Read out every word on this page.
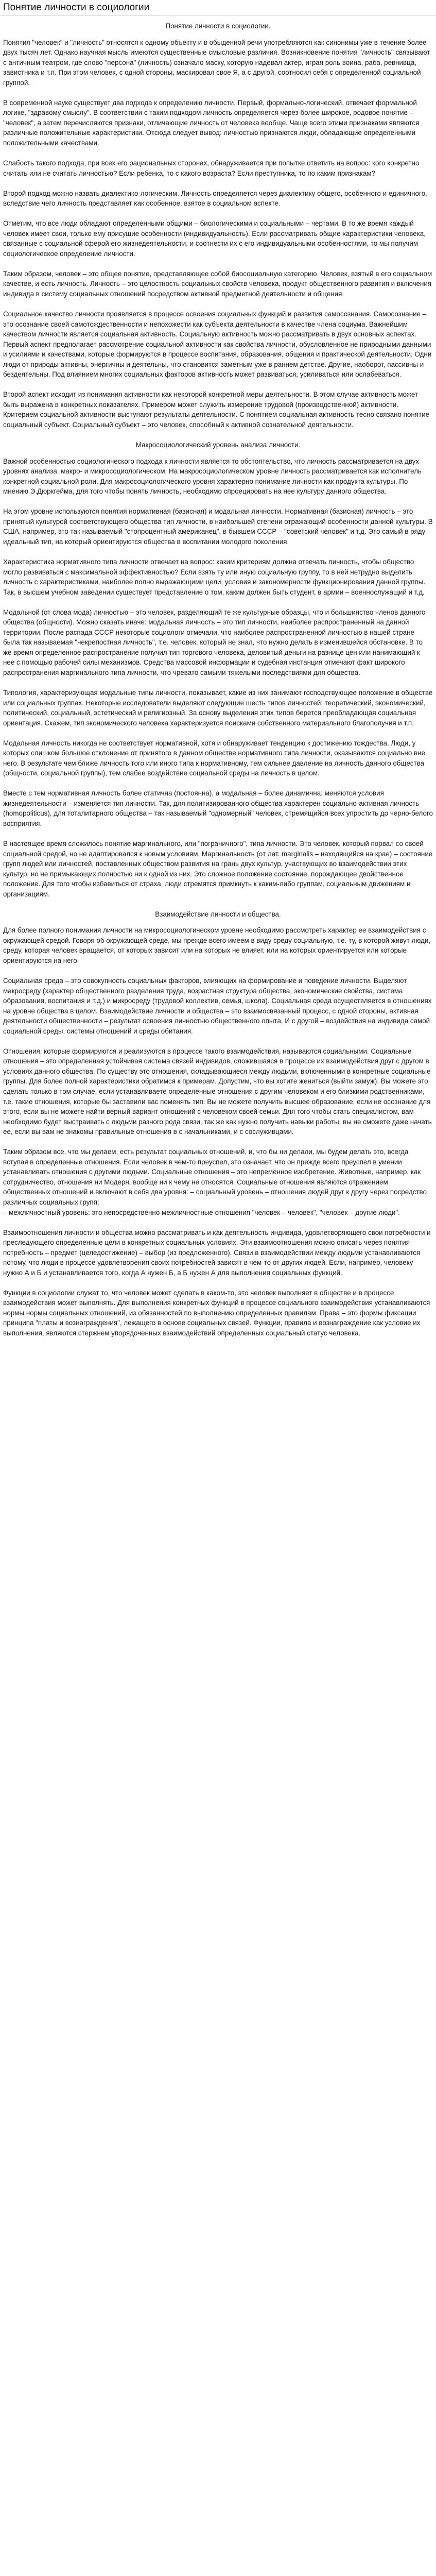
Понятие личности в социологии

Понятие личности в социологии.

Понятия "человек" и "личность" относятся к одному объекту и в обыденной речи употребляются как синонимы уже в течение более двух тысяч лет. Однако научная мысль имеются существенные смысловые различия. Возникновение понятия "личность" связывают с античным театром, где слово "персона" (личность) означало маску, которую надевал актер, играя роль воина, раба, ревнивца, завистника и т.п. При этом человек, с одной стороны, маскировал свое Я, а с другой, соотносил себя с определенной социальной группой.

В современной науке существует два подхода к определению личности. Первый, формально-логический, отвечает формальной логике, "здравому смыслу". В соответствии с таким подходом личность определяется через более широкое, родовое понятие – "человек", а затем перечисляются признаки, отличающие личность от человека вообще. Чаще всего этими признаками являются различные положительные характеристики. Отсюда следует вывод: личностью признаются люди, обладающие определенными положительными качествами.

Слабость такого подхода, при всех его рациональных сторонах, обнаруживается при попытке ответить на вопрос: кого конкретно считать или не считать личностью? Если ребенка, то с какого возраста? Если преступника, то по каким признакам?

Второй подход можно назвать диалектико-логическим. Личность определяется через диалектику общего, особенного и единичного, вследствие чего личность представляет как особенное, взятое в социальном аспекте.

Отметим, что все люди обладают определенными общими – биологическими и социальными – чертами. В то же время каждый человек имеет свои, только ему присущие особенности (индивидуальность). Если рассматривать общие характеристики человека, связанные с социальной сферой его жизнедеятельности, и соотнести их с его индивидуальными особенностями, то мы получим социологическое определение личности.

Таким образом, человек – это общее понятие, представляющее собой биосоциальную категорию. Человек, взятый в его социальном качестве, и есть личность. Личность – это целостность социальных свойств человека, продукт общественного развития и включения индивида в систему социальных отношений посредством активной предметной деятельности и общения.

Социальное качество личности проявляется в процессе освоения социальных функций и развития самосознания. Самосознание – это осознание своей самотождественности и непохожести как субъекта деятельности в качестве члена социума. Важнейшим качеством личности является социальная активность. Социальную активность можно рассматривать в двух основных аспектах. Первый аспект предполагает рассмотрение социальной активности как свойства личности, обусловленное не природными данными и усилиями и качествами, которые формируются в процессе воспитания, образования, общения и практической деятельности. Одни люди от природы активны, энергичны и деятельны, что становится заметным уже в раннем детстве. Другие, наоборот, пассивны и бездеятельны. Под влиянием многих социальных факторов активность может развиваться, усиливаться или ослабеваться.

Второй аспект исходит из понимания активности как некоторой конкретной меры деятельности. В этом случае активность может быть выражена в конкретных показателях. Примером может служить измерение трудовой (производственной) активности. Критерием социальной активности выступают результаты деятельности. С понятием социальная активность тесно связано понятие социальный субъект. Социальный субъект – это человек, способный к активной сознательной деятельности.

Макросоциологический уровень анализа личности.

Важной особенностью социологического подхода к личности является то обстоятельство, что личность рассматривается на двух уровнях анализа: макро- и микросоциологическом. На макросоциологическом уровне личность рассматривается как исполнитель конкретной социальной роли. Для макросоциологического уровня характерно понимание личности как продукта культуры. По мнению Э.Дюркгейма, для того чтобы понять личность, необходимо спроецировать на нее культуру данного общества.

На этом уровне используются понятия нормативная (базисная) и модальная личности. Нормативная (базисная) личность – это принятый культурой соответствующего общества тип личности, в наибольшей степени отражающий особенности данной культуры. В США, например, это так называемый "стопроцентный американец", в бывшем СССР – "советский человек" и т.д. Это самый в ряду идеальный тип, на который ориентируются общества в воспитании молодого поколения.

Характеристика нормативного типа личности отвечает на вопрос: каким критериям должна отвечать личность, чтобы общество могло развиваться с максимальной эффективностью? Если взять ту или иную социальную группу, то в ней нетрудно выделить личность с характеристиками, наиболее полно выражающими цели, условия и закономерности функционирования данной группы. Так, в высшем учебном заведении существует представление о том, каким должен быть студент, в армии – военнослужащий и т.д.

Модальной (от слова мода) личностью – это человек, разделяющий те же культурные образцы, что и большинство членов данного общества (общности). Можно сказать иначе: модальная личность – это тип личности, наиболее распространенный на данной территории. После распада СССР некоторые социологи отмечали, что наиболее распространенной личностью в нашей стране была так называемая "некрепостная личность", т.е. человек, который не знал, что нужно делать в изменившейся обстановке. В то же время определенное распространение получил тип торгового человека, деловитый деньги на разнице цен или нанимающий к нее с помощью рабочей силы механизмов. Средства массовой информации и судебная инстанция отмечают факт широкого распространения маргинального типа личности, что чревато самыми тяжелыми последствиями для общества.

Типология, характеризующая модальные типы личности, показывает, какие из них занимают господствующее положение в обществе или социальных группах. Некоторые исследователи выделяют следующие шесть типов личностей: теоретический, экономический, политический, социальный, эстетический и религиозный. За основу выделения этих типов берется преобладающая социальная ориентация. Скажем, тип экономического человека характеризуется поисками собственного материального благополучия и т.п.

Модальная личность никогда не соответствует нормативной, хотя и обнаруживает тенденцию к достижению тождества. Люди, у которых слишком большое отклонение от принятого в данном обществе нормативного типа личности, оказываются социально вне него. В результате чем ближе личность того или иного типа к нормативному, тем сильнее давление на личность данного общества (общности, социальной группы), тем слабее воздействие социальной среды на личность в целом.

Вместе с тем нормативная личность более статична (постоянна), а модальная – более динамична: меняются условия жизнедеятельности – изменяется тип личности. Так, для политизированного общества характерен социально-активная личность (homopoliticus), для тоталитарного общества – так называемый "одномерный" человек, стремящийся всех упростить до черно-белого восприятия.

В настоящее время сложилось понятие маргинального, или "пограничного", типа личности. Это человек, который порвал со своей социальной средой, но не адаптировался к новым условиям. Маргинальность (от лат. marginalis – находящийся на крае) – состояние групп людей или личностей, поставленных обществом развития на грань двух культур, участвующих во взаимодействии этих культур, но не примыкающих полностью ни к одной из них. Это сложное положение состояние, порождающее двойственное положение. Для того чтобы избавиться от страха, люди стремятся примкнуть к каким-либо группам, социальным движениям и организациям.

Взаимодействие личности и общества.

Для более полного понимания личности на микросоциологическом уровне необходимо рассмотреть характер ее взаимодействия с окружающей средой. Говоря об окружающей среде, мы прежде всего имеем в виду среду социальную, т.е. ту, в которой живут люди, среду, которая человек вращается, от которых зависит или на которых не влияет, или на которых ориентируется или которые ориентируются на него.

Социальная среда – это совокупность социальных факторов, влияющих на формирование и поведение личности. Выделяют макросреду (характер общественного разделения труда, возрастная структура общества, экономические свойства, система образования, воспитания и т.д.) и микросреду (трудовой коллектив, семья, школа). Социальная среда осуществляется в отношениях на уровне общества в целом. Взаимодействие личности и общества – это взаимосвязанный процесс, с одной стороны, активная деятельности общественности – результат освоения личностью общественного опыта. И с другой – воздействия на индивида самой социальной среды, системы отношений и среды обитания.

Отношения, которые формируются и реализуются в процессе такого взаимодействия, называются социальными. Социальные отношения – это определенная устойчивая система связей индивидов, сложившаяся в процессе их взаимодействия друг с другом в условиях данного общества. По существу это отношения, складывающиеся между людьми, включенными в конкретные социальные группы. Для более полной характеристики обратимся к примерам. Допустим, что вы хотите жениться (выйти замуж). Вы можете это сделать только в том случае, если устанавливаете определенные отношения с другим человеком и его близкими родственниками, т.е. такие отношения, которые бы заставили вас поменять тип. Вы не можете получить высшее образование, если не осознание для этого, если вы не можете найти верный вариант отношений с человеком своей семьи. Для того чтобы стать специалистом, вам необходимо будет выстраивать с людьми разного рода связи, так же как нужно получить навыки работы, вы не сможете даже начать ее, если вы вам не знакомы правильные отношения в с начальниками, и с сослуживцами.

Таким образом все, что мы делаем, есть результат социальных отношений, и, что бы ни делали, мы будем делать это, всегда вступая в определенные отношения. Если человек в чем-то преуспел, это означает, что он прежде всего преуспел в умении устанавливать отношения с другими людьми. Социальные отношения – это непременное изобретение. Животные, например, как сотрудничество, отношения ни Модерн, вообще ни к чему не относятся. Социальные отношения являются отражением общественных отношений и включают в себя два уровня: – социальный уровень – отношения людей друг к другу через посредство различных социальных групп;

– межличностный уровень: это непосредственно межличностные отношения "человек – человек", "человек – другие люди".

Взаимоотношения личности и общества можно рассматривать и как деятельность индивида, удовлетворяющего свои потребности и преследующего определенные цели в конкретных социальных условиях. Эти взаимоотношения можно описать через понятия потребность – предмет (целедостижение) – выбор (из предложенного). Связи в взаимодействии между людьми устанавливаются потому, что люди в процессе удовлетворения своих потребностей зависят в чем-то от других людей. Если, например, человеку нужно А и Б и устанавливается того, когда А нужен Б, а Б нужен А для выполнения социальных функций.

Функции в социологии служат то, что человек может сделать в каком-то, это человек выполняет в обществе и в процессе взаимодействия может выполнять. Для выполнения конкретных функций в процессе социального взаимодействия устанавливаются нормы нормы социальных отношений, из обязанностей по выполнению определенных правилам. Права – это формы фиксации принципа "платы и вознаграждения", лежащего в основе социальных связей. Функции, правила и вознаграждение как условие их выполнения, являются стержнем упорядоченных взаимодействий определенных социальный статус человека.
